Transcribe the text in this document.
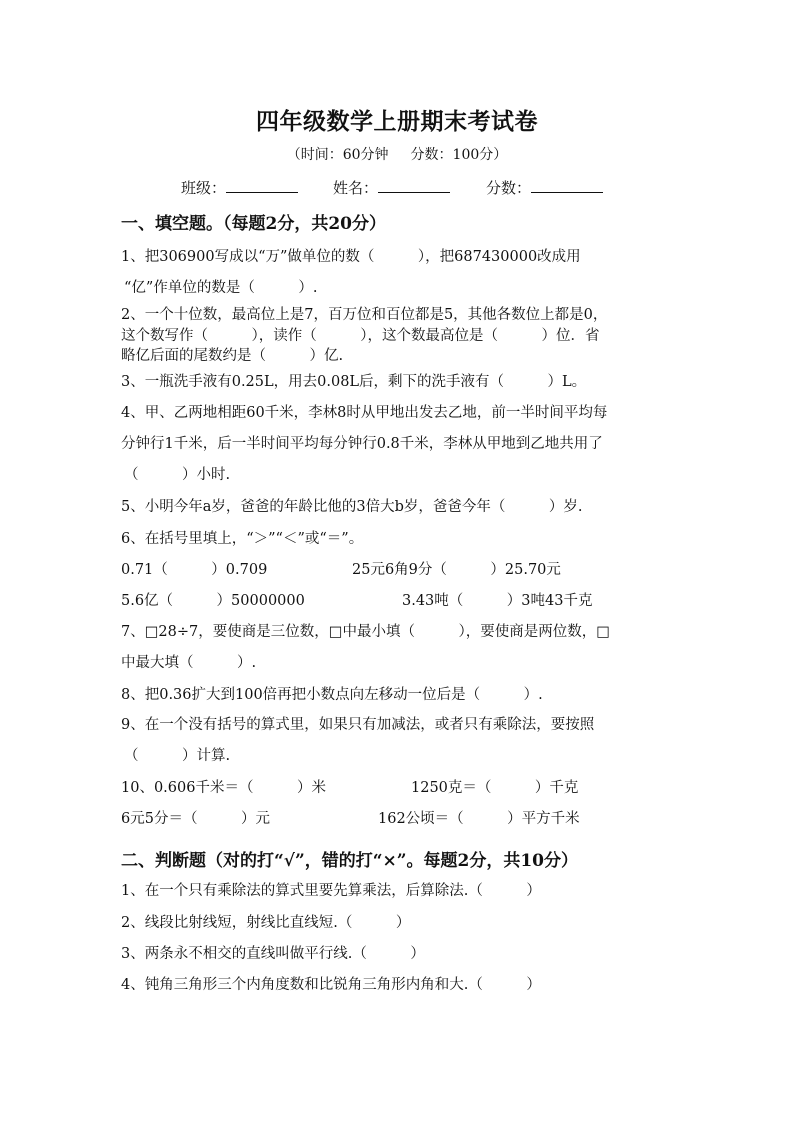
四年级数学上册期末考试卷
（时间：60分钟 分数：100分）
班级：	姓名：	分数：
一、填空题。（每题2分，共20分）
1、把306900写成以“万”做单位的数（　　　），把687430000改成用
“亿”作单位的数是（　　　）.
2、一个十位数，最高位上是7，百万位和百位都是5，其他各数位上都是0，
这个数写作（　　　），读作（　　　），这个数最高位是（　　　）位．省
略亿后面的尾数约是（　　　）亿.
3、一瓶洗手液有0.25L，用去0.08L后，剩下的洗手液有（　　　）L。
4、甲、乙两地相距60千米，李林8时从甲地出发去乙地，前一半时间平均每
分钟行1千米，后一半时间平均每分钟行0.8千米，李林从甲地到乙地共用了
（　　　）小时.
5、小明今年a岁，爸爸的年龄比他的3倍大b岁，爸爸今年（　　　）岁.
6、在括号里填上，“＞”“＜”或“＝”。
0.71（　　　）0.709	25元6角9分（　　　）25.70元
5.6亿（　　　）50000000	3.43吨（　　　）3吨43千克
7、□28÷7，要使商是三位数，□中最小填（　　　），要使商是两位数，□
中最大填（　　　）.
8、把0.36扩大到100倍再把小数点向左移动一位后是（　　　）.
9、在一个没有括号的算式里，如果只有加减法，或者只有乘除法，要按照
（　　　）计算.
10、0.606千米＝（　　　）米	1250克＝（　　　）千克
6元5分＝（　　　）元	162公顷＝（　　　）平方千米
二、判断题（对的打“√”，错的打“×”。每题2分，共10分）
1、在一个只有乘除法的算式里要先算乘法，后算除法.（　　　）
2、线段比射线短，射线比直线短.（　　　）
3、两条永不相交的直线叫做平行线.（　　　）
4、钝角三角形三个内角度数和比锐角三角形内角和大.（　　　）
